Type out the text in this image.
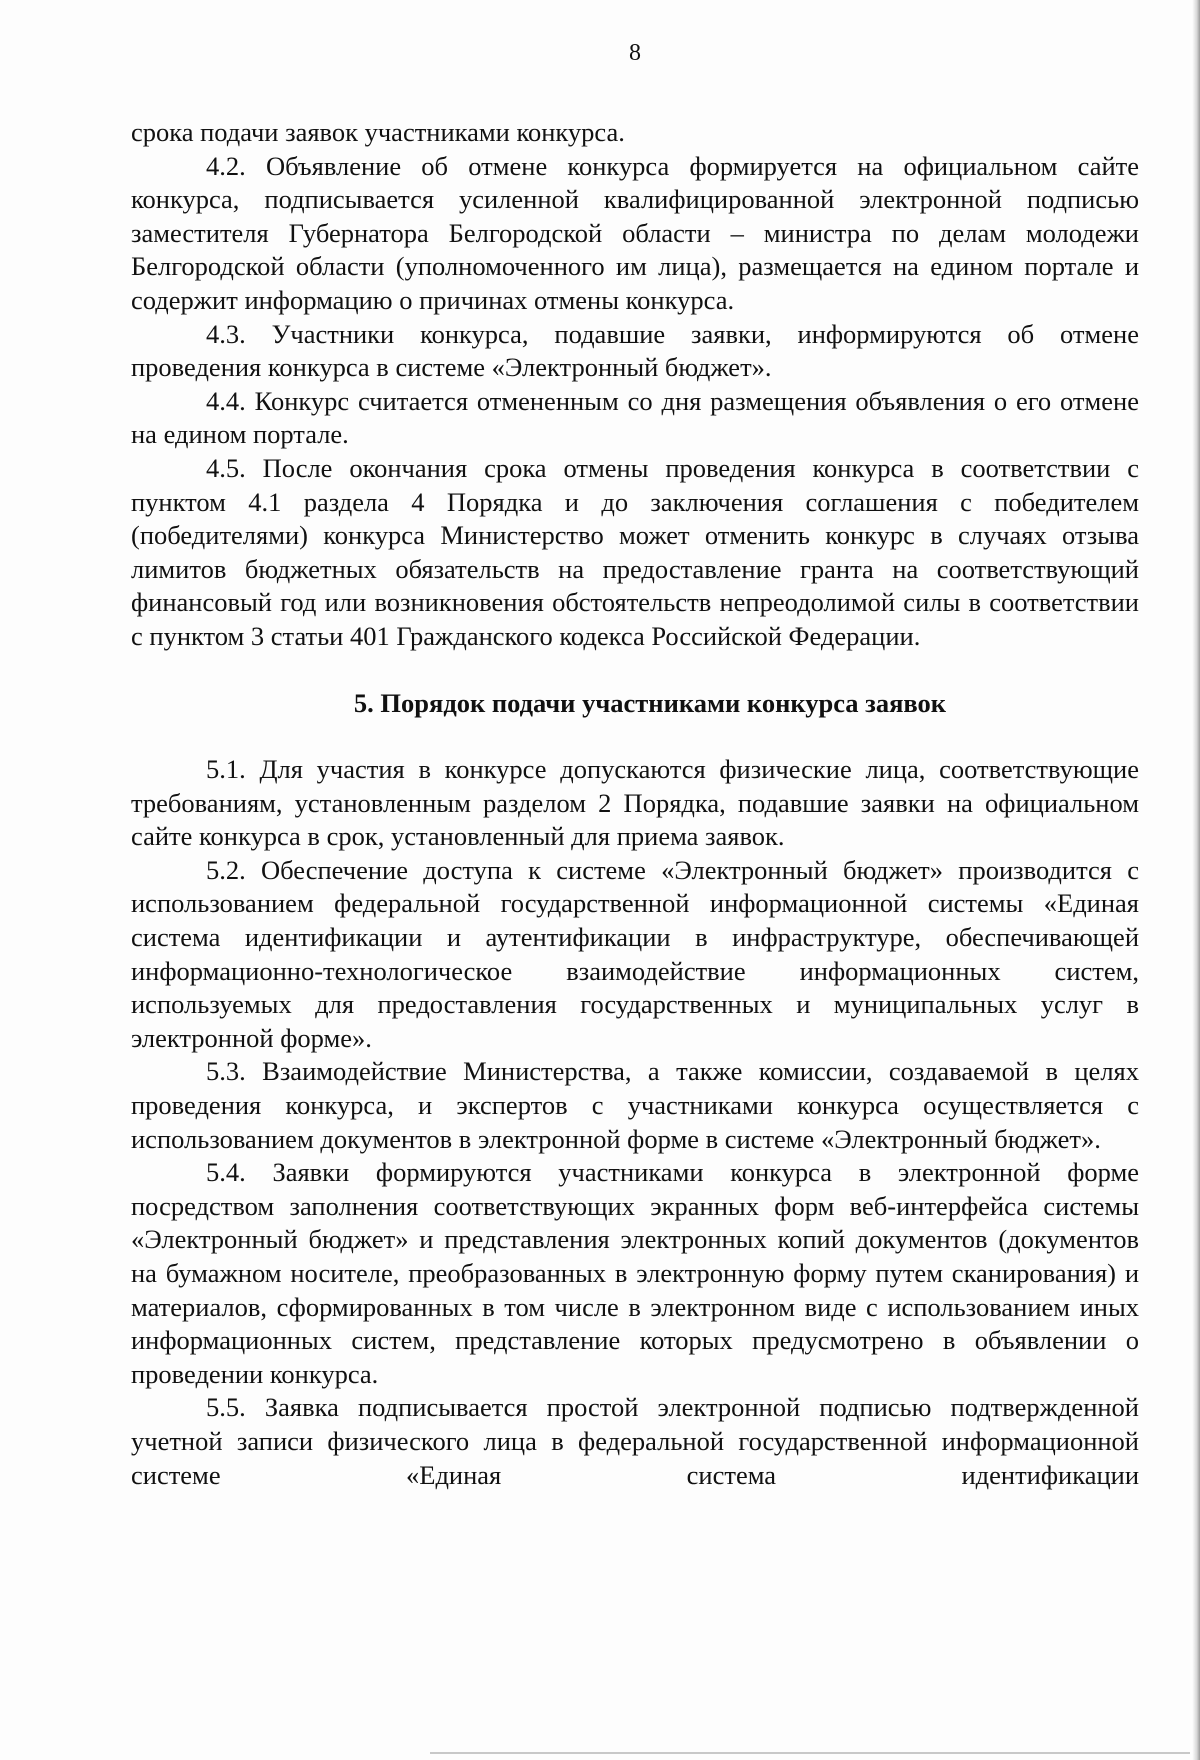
8

срока подачи заявок участниками конкурса.

4.2. Объявление об отмене конкурса формируется на официальном сайте конкурса, подписывается усиленной квалифицированной электронной подписью заместителя Губернатора Белгородской области – министра по делам молодежи Белгородской области (уполномоченного им лица), размещается на едином портале и содержит информацию о причинах отмены конкурса.

4.3. Участники конкурса, подавшие заявки, информируются об отмене проведения конкурса в системе «Электронный бюджет».

4.4. Конкурс считается отмененным со дня размещения объявления о его отмене на едином портале.

4.5. После окончания срока отмены проведения конкурса в соответствии с пунктом 4.1 раздела 4 Порядка и до заключения соглашения с победителем (победителями) конкурса Министерство может отменить конкурс в случаях отзыва лимитов бюджетных обязательств на предоставление гранта на соответствующий финансовый год или возникновения обстоятельств непреодолимой силы в соответствии с пунктом 3 статьи 401 Гражданского кодекса Российской Федерации.

5. Порядок подачи участниками конкурса заявок

5.1. Для участия в конкурсе допускаются физические лица, соответствующие требованиям, установленным разделом 2 Порядка, подавшие заявки на официальном сайте конкурса в срок, установленный для приема заявок.

5.2. Обеспечение доступа к системе «Электронный бюджет» производится с использованием федеральной государственной информационной системы «Единая система идентификации и аутентификации в инфраструктуре, обеспечивающей информационно-технологическое взаимодействие информационных систем, используемых для предоставления государственных и муниципальных услуг в электронной форме».

5.3. Взаимодействие Министерства, а также комиссии, создаваемой в целях проведения конкурса, и экспертов с участниками конкурса осуществляется с использованием документов в электронной форме в системе «Электронный бюджет».

5.4. Заявки формируются участниками конкурса в электронной форме посредством заполнения соответствующих экранных форм веб-интерфейса системы «Электронный бюджет» и представления электронных копий документов (документов на бумажном носителе, преобразованных в электронную форму путем сканирования) и материалов, сформированных в том числе в электронном виде с использованием иных информационных систем, представление которых предусмотрено в объявлении о проведении конкурса.

5.5. Заявка подписывается простой электронной подписью подтвержденной учетной записи физического лица в федеральной государственной информационной системе «Единая система идентификации
